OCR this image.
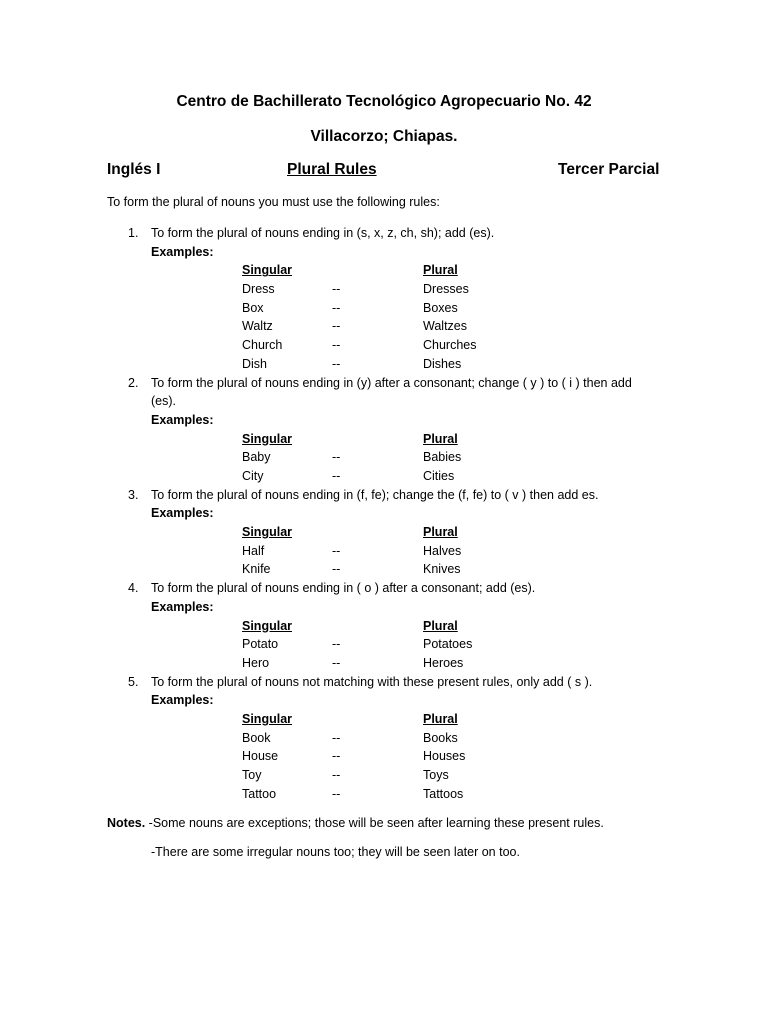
Centro de Bachillerato Tecnológico Agropecuario No. 42
Villacorzo; Chiapas.
Inglés I	Plural Rules	Tercer Parcial
To form the plural of nouns you must use the following rules:
1. To form the plural of nouns ending in (s, x, z, ch, sh); add (es).
Examples:
Singular	Plural
Dress	--	Dresses
Box	--	Boxes
Waltz	--	Waltzes
Church	--	Churches
Dish	--	Dishes
2. To form the plural of nouns ending in (y) after a consonant; change ( y ) to ( i ) then add (es).
Examples:
Singular	Plural
Baby	--	Babies
City	--	Cities
3. To form the plural of nouns ending in (f, fe); change the (f, fe) to ( v ) then add es.
Examples:
Singular	Plural
Half	--	Halves
Knife	--	Knives
4. To form the plural of nouns ending in ( o ) after a consonant; add (es).
Examples:
Singular	Plural
Potato	--	Potatoes
Hero	--	Heroes
5. To form the plural of nouns not matching with these present rules, only add ( s ).
Examples:
Singular	Plural
Book	--	Books
House	--	Houses
Toy	--	Toys
Tattoo	--	Tattoos
Notes. -Some nouns are exceptions; those will be seen after learning these present rules.
-There are some irregular nouns too; they will be seen later on too.
